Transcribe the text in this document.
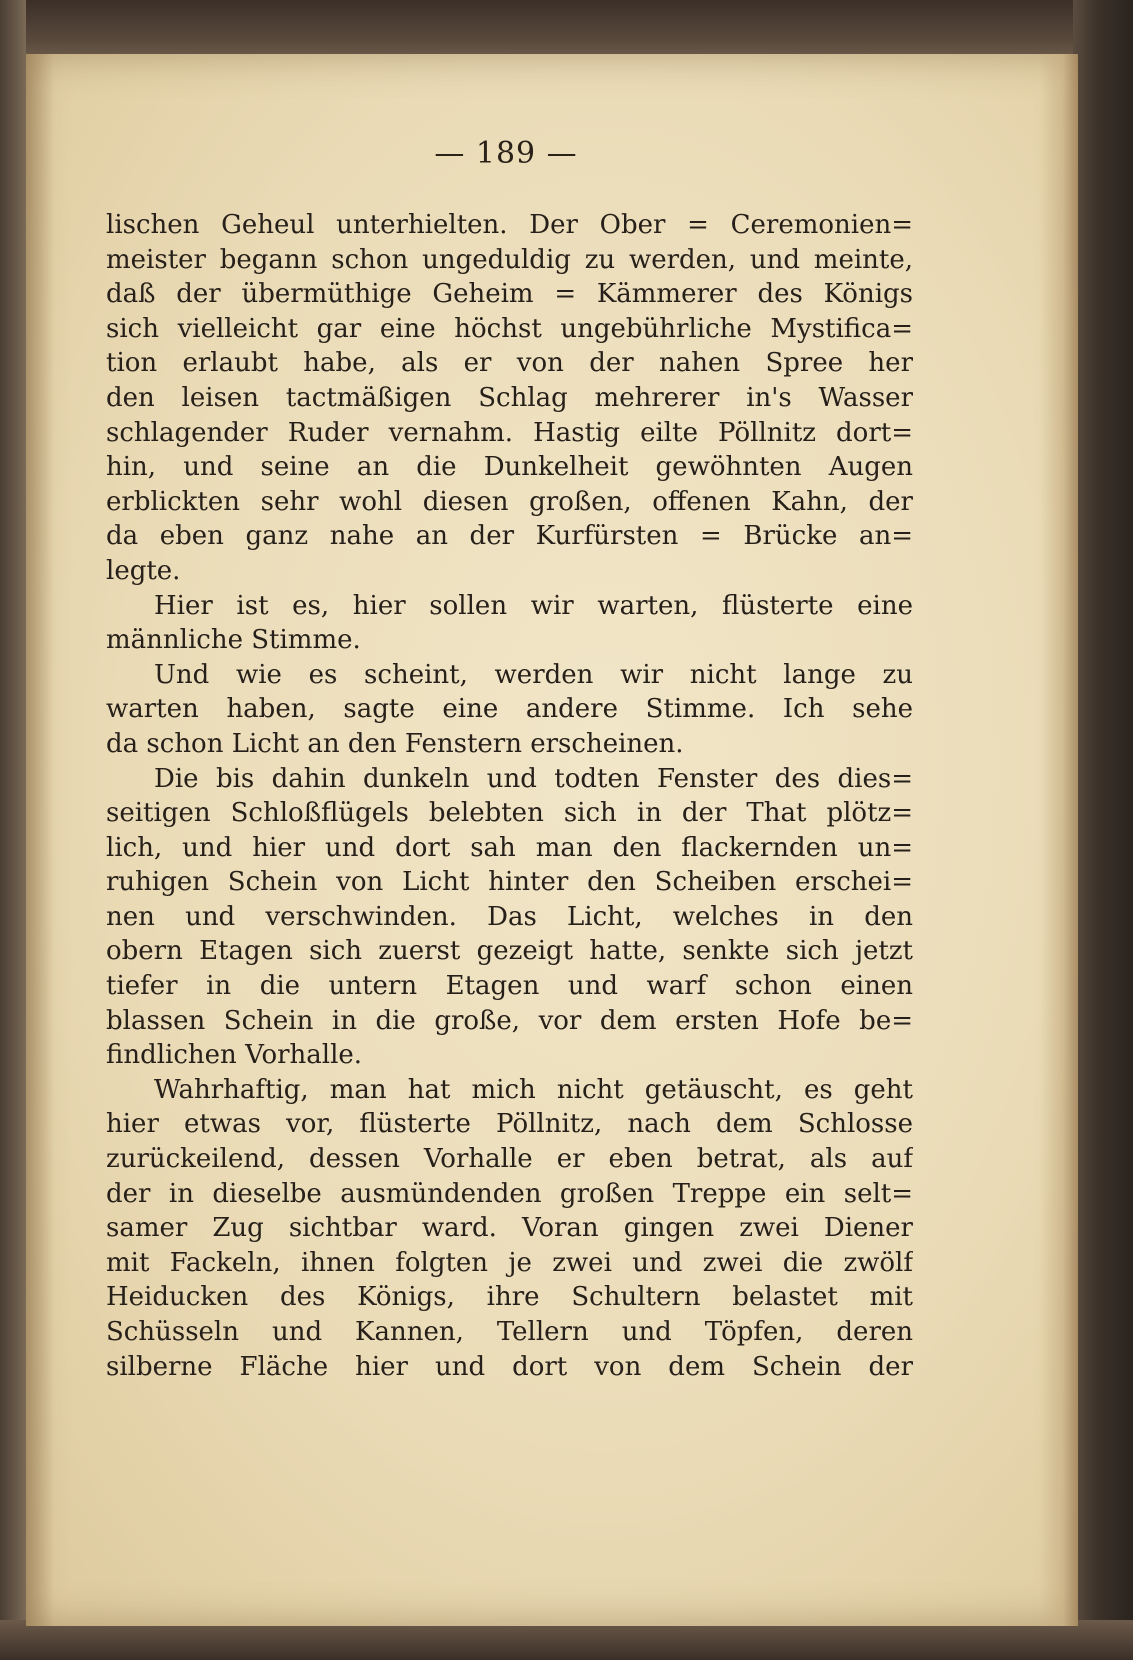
— 189 —
lischen Geheul unterhielten. Der Ober = Ceremonien=
meister begann schon ungeduldig zu werden, und meinte,
daß der übermüthige Geheim = Kämmerer des Königs
sich vielleicht gar eine höchst ungebührliche Mystifica=
tion erlaubt habe, als er von der nahen Spree her
den leisen tactmäßigen Schlag mehrerer in's Wasser
schlagender Ruder vernahm. Hastig eilte Pöllnitz dort=
hin, und seine an die Dunkelheit gewöhnten Augen
erblickten sehr wohl diesen großen, offenen Kahn, der
da eben ganz nahe an der Kurfürsten = Brücke an=
legte.
Hier ist es, hier sollen wir warten, flüsterte eine
männliche Stimme.
Und wie es scheint, werden wir nicht lange zu
warten haben, sagte eine andere Stimme. Ich sehe
da schon Licht an den Fenstern erscheinen.
Die bis dahin dunkeln und todten Fenster des dies=
seitigen Schloßflügels belebten sich in der That plötz=
lich, und hier und dort sah man den flackernden un=
ruhigen Schein von Licht hinter den Scheiben erschei=
nen und verschwinden. Das Licht, welches in den
obern Etagen sich zuerst gezeigt hatte, senkte sich jetzt
tiefer in die untern Etagen und warf schon einen
blassen Schein in die große, vor dem ersten Hofe be=
findlichen Vorhalle.
Wahrhaftig, man hat mich nicht getäuscht, es geht
hier etwas vor, flüsterte Pöllnitz, nach dem Schlosse
zurückeilend, dessen Vorhalle er eben betrat, als auf
der in dieselbe ausmündenden großen Treppe ein selt=
samer Zug sichtbar ward. Voran gingen zwei Diener
mit Fackeln, ihnen folgten je zwei und zwei die zwölf
Heiducken des Königs, ihre Schultern belastet mit
Schüsseln und Kannen, Tellern und Töpfen, deren
silberne Fläche hier und dort von dem Schein der
